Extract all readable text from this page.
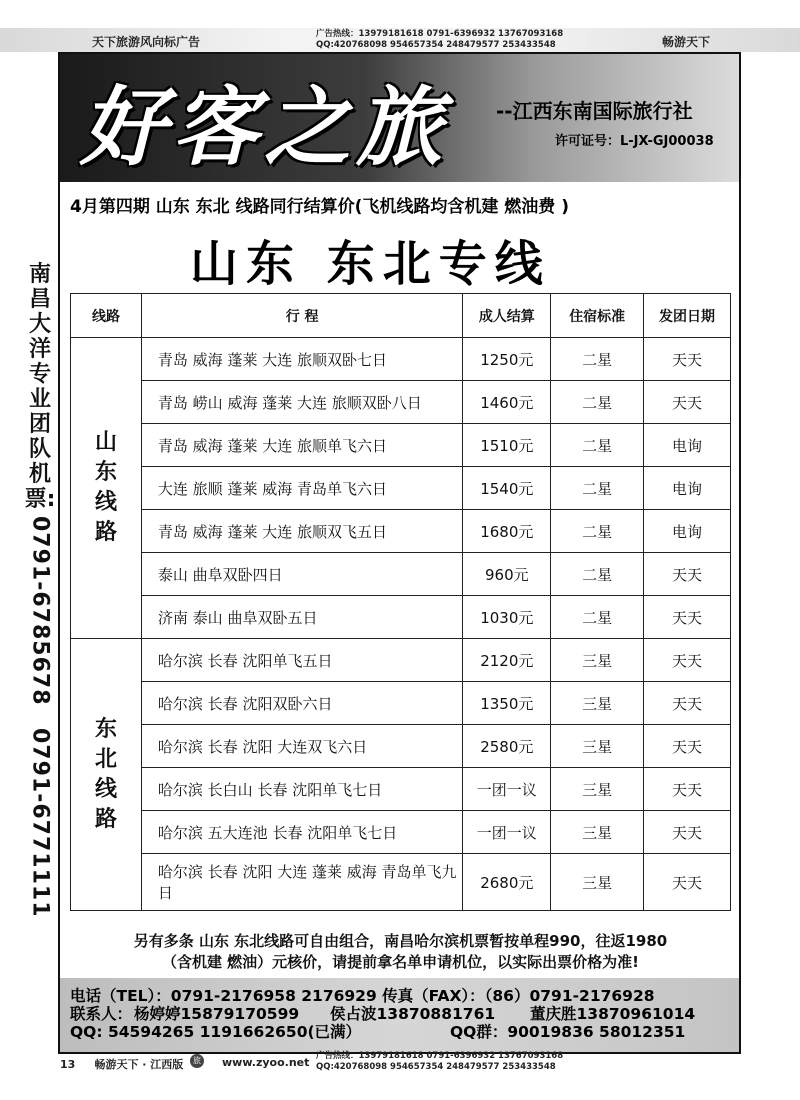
天下旅游风向标广告
广告热线：13979181618 0791-6396932 13767093168
QQ:420768098 954657354 248479577 253433548	畅游天下
好客之旅 --江西东南国际旅行社
许可证号：L-JX-GJ00038
4月第四期 山东 东北 线路同行结算价(飞机线路均含机建 燃油费 )
山东 东北专线
南昌大洋专业团队机票:
0791-6785678
0791-6771111
线路	行 程	成人结算	住宿标准	发团日期
山东线路	青岛 威海 蓬莱 大连 旅顺双卧七日	1250元	二星	天天
	青岛 崂山 威海 蓬莱 大连 旅顺双卧八日	1460元	二星	天天
	青岛 威海 蓬莱 大连 旅顺单飞六日	1510元	二星	电询
	大连 旅顺 蓬莱 威海 青岛单飞六日	1540元	二星	电询
	青岛 威海 蓬莱 大连 旅顺双飞五日	1680元	二星	电询
	泰山 曲阜双卧四日	960元	二星	天天
	济南 泰山 曲阜双卧五日	1030元	二星	天天
东北线路	哈尔滨 长春 沈阳单飞五日	2120元	三星	天天
	哈尔滨 长春 沈阳双卧六日	1350元	三星	天天
	哈尔滨 长春 沈阳 大连双飞六日	2580元	三星	天天
	哈尔滨 长白山 长春 沈阳单飞七日	一团一议	三星	天天
	哈尔滨 五大连池 长春 沈阳单飞七日	一团一议	三星	天天
	哈尔滨 长春 沈阳 大连 蓬莱 威海 青岛单飞九日	2680元	三星	天天
另有多条 山东 东北线路可自由组合，南昌哈尔滨机票暂按单程990，往返1980
（含机建 燃油）元核价，请提前拿名单申请机位，以实际出票价格为准!
电话（TEL）：0791-2176958 2176929 传真（FAX）：（86）0791-2176928
联系人： 杨婷婷15879170599 侯占波13870881761 董庆胜13870961014
QQ: 54594265 1191662650(已满）	QQ群：90019836 58012351
13 畅游天下 · 江西版	旅 www.zyoo.net 广告热线：13979181618 0791-6396932 13767093168
QQ:420768098 954657354 248479577 253433548
